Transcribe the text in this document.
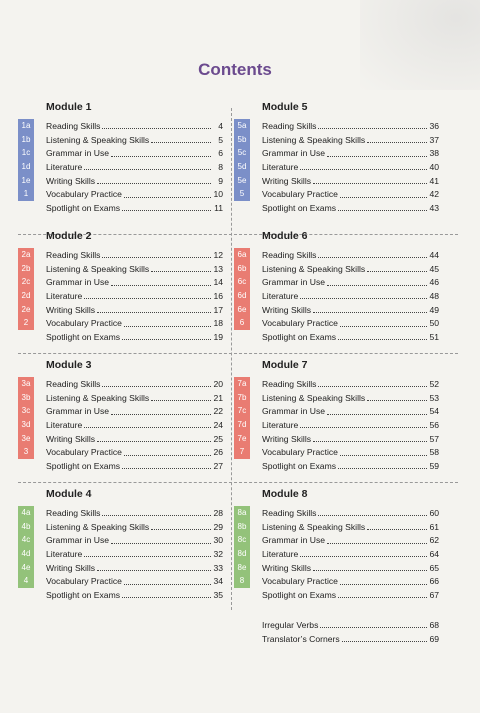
Contents
Module 1
1a	Reading Skills	4
1b	Listening & Speaking Skills	5
1c	Grammar in Use	6
1d	Literature	8
1e	Writing Skills	9
1	Vocabulary Practice	10
Spotlight on Exams	11
Module 5
5a	Reading Skills	36
5b	Listening & Speaking Skills	37
5c	Grammar in Use	38
5d	Literature	40
5e	Writing Skills	41
5	Vocabulary Practice	42
Spotlight on Exams	43
Module 2
2a	Reading Skills	12
2b	Listening & Speaking Skills	13
2c	Grammar in Use	14
2d	Literature	16
2e	Writing Skills	17
2	Vocabulary Practice	18
Spotlight on Exams	19
Module 6
6a	Reading Skills	44
6b	Listening & Speaking Skills	45
6c	Grammar in Use	46
6d	Literature	48
6e	Writing Skills	49
6	Vocabulary Practice	50
Spotlight on Exams	51
Module 3
3a	Reading Skills	20
3b	Listening & Speaking Skills	21
3c	Grammar in Use	22
3d	Literature	24
3e	Writing Skills	25
3	Vocabulary Practice	26
Spotlight on Exams	27
Module 7
7a	Reading Skills	52
7b	Listening & Speaking Skills	53
7c	Grammar in Use	54
7d	Literature	56
7e	Writing Skills	57
7	Vocabulary Practice	58
Spotlight on Exams	59
Module 4
4a	Reading Skills	28
4b	Listening & Speaking Skills	29
4c	Grammar in Use	30
4d	Literature	32
4e	Writing Skills	33
4	Vocabulary Practice	34
Spotlight on Exams	35
Module 8
8a	Reading Skills	60
8b	Listening & Speaking Skills	61
8c	Grammar in Use	62
8d	Literature	64
8e	Writing Skills	65
8	Vocabulary Practice	66
Spotlight on Exams	67
Irregular Verbs	68
Translator’s Corners	69
